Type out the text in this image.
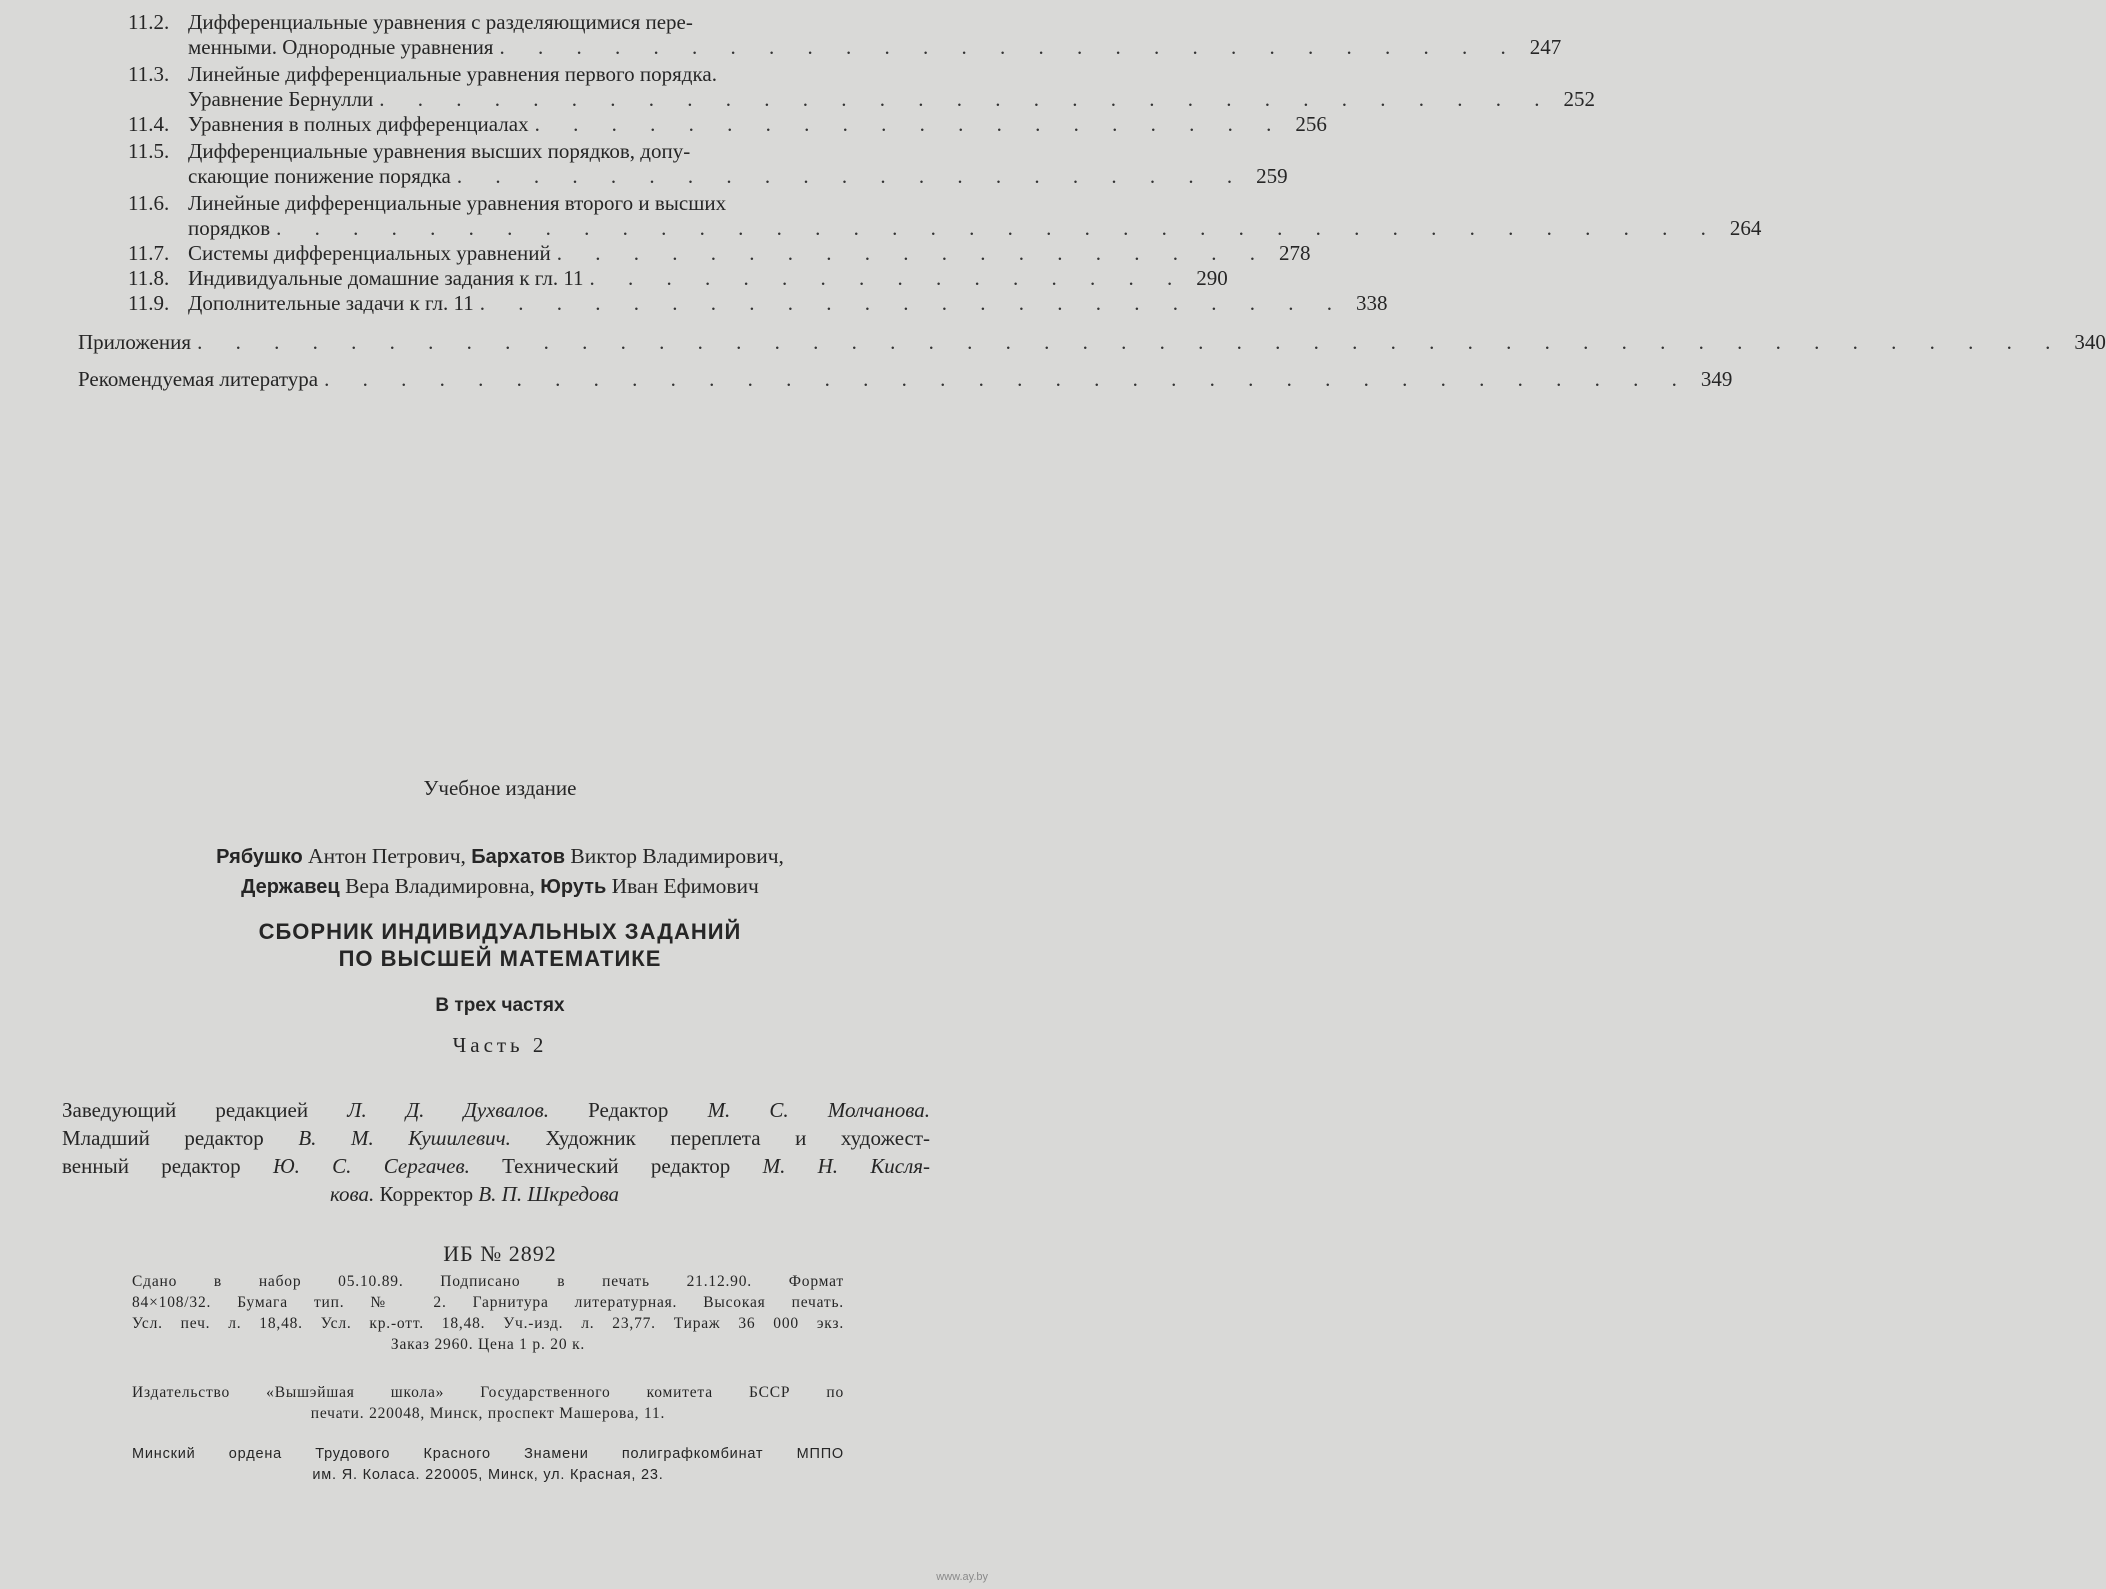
11.2. Дифференциальные уравнения с разделяющимися пере-
менными. Однородные уравнения . . . . . . . . . . . . . . . . . . . . . . . . . . . 247
11.3. Линейные дифференциальные уравнения первого порядка.
Уравнение Бернулли . . . . . . . . . . . . . . . . . . . . . . . . . . . . . . . 252
11.4. Уравнения в полных дифференциалах . . . . . . . . . . . . . . . . . . . . 256
11.5. Дифференциальные уравнения высших порядков, допу-
скающие понижение порядка . . . . . . . . . . . . . . . . . . . . . 259
11.6. Линейные дифференциальные уравнения второго и высших
порядков . . . . . . . . . . . . . . . . . . . . . . . . . . . . . . . . . . . . . . 264
11.7. Системы дифференциальных уравнений . . . . . . . . . . . . . . . . . . . 278
11.8. Индивидуальные домашние задания к гл. 11 . . . . . . . . . . . . . . . . 290
11.9. Дополнительные задачи к гл. 11 . . . . . . . . . . . . . . . . . . . . . . . 338
Приложения . . . . . . . . . . . . . . . . . . . . . . . . . . . . . . . . . . . . . . . . . . . . . . . . . 340
Рекомендуемая литература . . . . . . . . . . . . . . . . . . . . . . . . . . . . . . . . . . . . 349
Учебное издание
Рябушко Антон Петрович, Бархатов Виктор Владимирович,
Державец Вера Владимировна, Юруть Иван Ефимович
СБОРНИК ИНДИВИДУАЛЬНЫХ ЗАДАНИЙ
ПО ВЫСШЕЙ МАТЕМАТИКЕ
В трех частях
Часть 2
Заведующий редакцией Л. Д. Духвалов. Редактор М. С. Молчанова.
Младший редактор В. М. Кушилевич. Художник переплета и художест-
венный редактор Ю. С. Сергачев. Технический редактор М. Н. Кисля-
кова. Корректор В. П. Шкредова
ИБ № 2892
Сдано в набор 05.10.89. Подписано в печать 21.12.90. Формат
84×108/32. Бумага тип. № 2. Гарнитура литературная. Высокая печать.
Усл. печ. л. 18,48. Усл. кр.-отт. 18,48. Уч.-изд. л. 23,77. Тираж 36 000 экз.
Заказ 2960. Цена 1 р. 20 к.
Издательство «Вышэйшая школа» Государственного комитета БССР по
печати. 220048, Минск, проспект Машерова, 11.
Минский ордена Трудового Красного Знамени полиграфкомбинат МППО
им. Я. Коласа. 220005, Минск, ул. Красная, 23.
www.ay.by
